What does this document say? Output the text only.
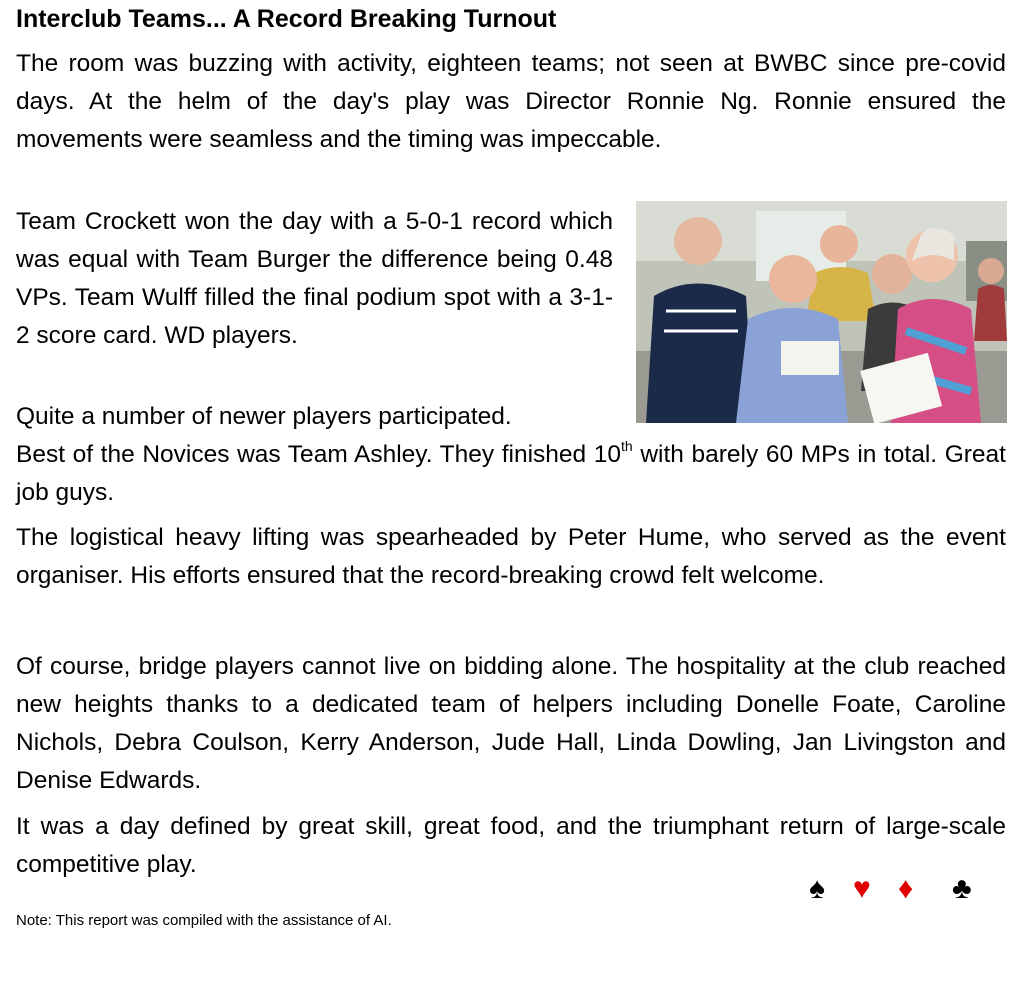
Interclub Teams... A Record Breaking Turnout

The room was buzzing with activity, eighteen teams; not seen at BWBC since pre-covid days. At the helm of the day's play was Director Ronnie Ng. Ronnie ensured the movements were seamless and the timing was impeccable.

Team Crockett won the day with a 5-0-1 record which was equal with Team Burger the difference being 0.48 VPs. Team Wulff filled the final podium spot with a 3-1-2 score card. WD players.

Quite a number of newer players participated.

Best of the Novices was Team Ashley. They finished 10th with barely 60 MPs in total. Great job guys.

The logistical heavy lifting was spearheaded by Peter Hume, who served as the event organiser. His efforts ensured that the record-breaking crowd felt welcome.

Of course, bridge players cannot live on bidding alone. The hospitality at the club reached new heights thanks to a dedicated team of helpers including Donelle Foate, Caroline Nichols, Debra Coulson, Kerry Anderson, Jude Hall, Linda Dowling, Jan Livingston and Denise Edwards.

It was a day defined by great skill, great food, and the triumphant return of large-scale competitive play.

Note: This report was compiled with the assistance of AI.
♠ ♥ ♦ ♣
